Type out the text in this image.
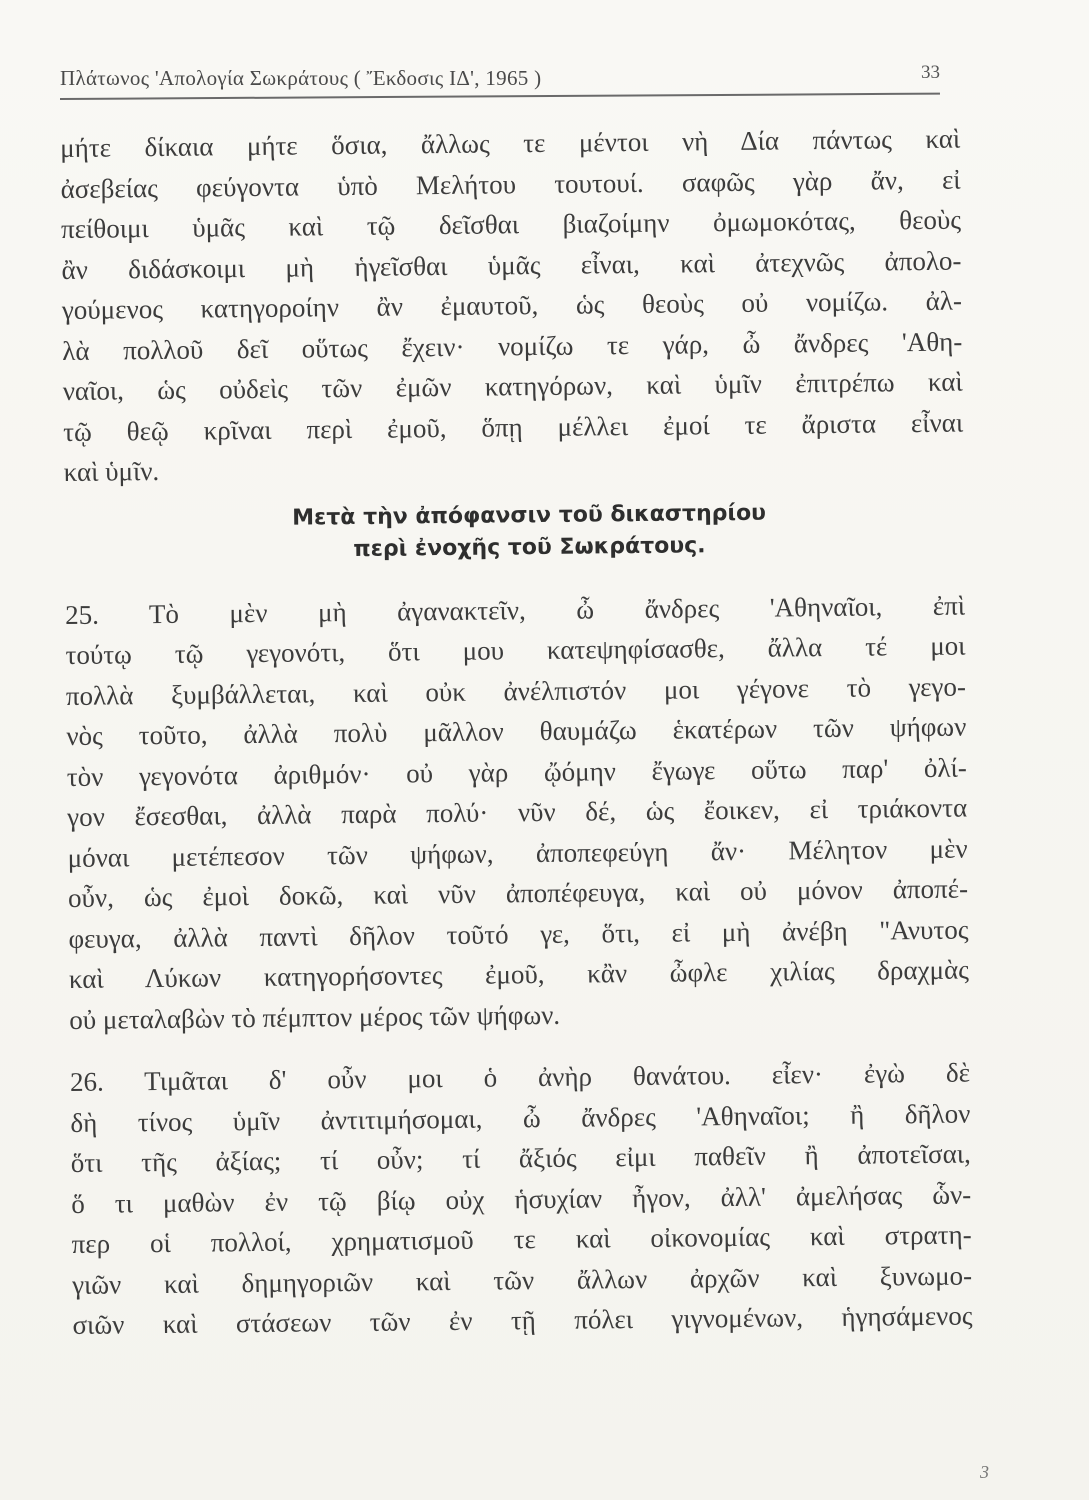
Πλάτωνος 'Απολογία Σωκράτους ( Ἔκδοσις ΙΔ', 1965 )	33
μήτε δίκαια μήτε ὅσια, ἄλλως τε μέντοι νὴ Δία πάντως καὶ
ἀσεβείας φεύγοντα ὑπὸ Μελήτου τουτουί. σαφῶς γὰρ ἄν, εἰ
πείθοιμι ὑμᾶς καὶ τῷ δεῖσθαι βιαζοίμην ὀμωμοκότας, θεοὺς
ἂν διδάσκοιμι μὴ ἡγεῖσθαι ὑμᾶς εἶναι, καὶ ἀτεχνῶς ἀπολο-
γούμενος κατηγοροίην ἂν ἐμαυτοῦ, ὡς θεοὺς οὐ νομίζω. ἀλ-
λὰ πολλοῦ δεῖ οὕτως ἔχειν· νομίζω τε γάρ, ὦ ἄνδρες 'Αθη-
ναῖοι, ὡς οὐδεὶς τῶν ἐμῶν κατηγόρων, καὶ ὑμῖν ἐπιτρέπω καὶ
τῷ θεῷ κρῖναι περὶ ἐμοῦ, ὅπῃ μέλλει ἐμοί τε ἄριστα εἶναι
καὶ ὑμῖν.
Μετὰ τὴν ἀπόφανσιν τοῦ δικαστηρίου
περὶ ἐνοχῆς τοῦ Σωκράτους.
25. Τὸ μὲν μὴ ἀγανακτεῖν, ὦ ἄνδρες 'Αθηναῖοι, ἐπὶ
τούτῳ τῷ γεγονότι, ὅτι μου κατεψηφίσασθε, ἄλλα τέ μοι
πολλὰ ξυμβάλλεται, καὶ οὐκ ἀνέλπιστόν μοι γέγονε τὸ γεγο-
νὸς τοῦτο, ἀλλὰ πολὺ μᾶλλον θαυμάζω ἑκατέρων τῶν ψήφων
τὸν γεγονότα ἀριθμόν· οὐ γὰρ ᾤόμην ἔγωγε οὕτω παρ' ὀλί-
γον ἔσεσθαι, ἀλλὰ παρὰ πολύ· νῦν δέ, ὡς ἔοικεν, εἰ τριάκοντα
μόναι μετέπεσον τῶν ψήφων, ἀποπεφεύγη ἄν· Μέλητον μὲν
οὖν, ὡς ἐμοὶ δοκῶ, καὶ νῦν ἀποπέφευγα, καὶ οὐ μόνον ἀποπέ-
φευγα, ἀλλὰ παντὶ δῆλον τοῦτό γε, ὅτι, εἰ μὴ ἀνέβη "Ανυτος
καὶ Λύκων κατηγορήσοντες ἐμοῦ, κἂν ὦφλε χιλίας δραχμὰς
οὐ μεταλαβὼν τὸ πέμπτον μέρος τῶν ψήφων.
26. Τιμᾶται δ' οὖν μοι ὁ ἀνὴρ θανάτου. εἶεν· ἐγὼ δὲ
δὴ τίνος ὑμῖν ἀντιτιμήσομαι, ὦ ἄνδρες 'Αθηναῖοι; ἢ δῆλον
ὅτι τῆς ἀξίας; τί οὖν; τί ἄξιός εἰμι παθεῖν ἢ ἀποτεῖσαι,
ὅ τι μαθὼν ἐν τῷ βίῳ οὐχ ἡσυχίαν ἦγον, ἀλλ' ἀμελήσας ὧν-
περ οἱ πολλοί, χρηματισμοῦ τε καὶ οἰκονομίας καὶ στρατη-
γιῶν καὶ δημηγοριῶν καὶ τῶν ἄλλων ἀρχῶν καὶ ξυνωμο-
σιῶν καὶ στάσεων τῶν ἐν τῇ πόλει γιγνομένων, ἡγησάμενος
3
